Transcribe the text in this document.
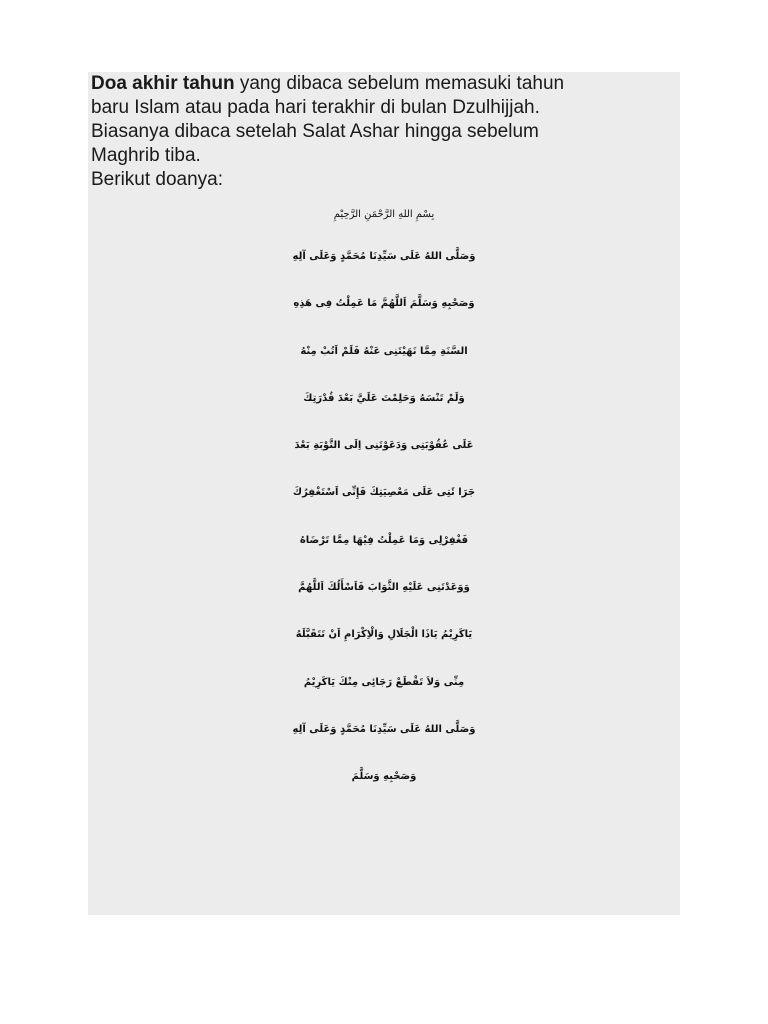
Doa akhir tahun yang dibaca sebelum memasuki tahun
baru Islam atau pada hari terakhir di bulan Dzulhijjah.
Biasanya dibaca setelah Salat Ashar hingga sebelum
Maghrib tiba.
Berikut doanya:
بِسْمِ اللهِ الرَّحْمَنِ الرَّحِيْمِ
وَصَلَّى اللهُ عَلَى سَيِّدِنَا مُحَمَّدٍ وَعَلَى آلِهِ
وَصَحْبِهِ وَسَلَّمَ اَللَّهُمَّ مَا عَمِلْتُ فِى هَذِهِ
السَّنَةِ مِمَّا نَهَيْتَنِى عَنْهُ فَلَمْ اَتُبْ مِنْهُ
وَلَمْ تَنْسَهُ وَحَلِمْتَ عَلَيَّ بَعْدَ قُدْرَتِكَ
عَلَى عُقُوْبَتِى وَدَعَوْتَنِى اِلَى التَّوْبَةِ بَعْدَ
جَرَا ئَتِى عَلَى مَعْصِيَتِكَ فَإِنِّى اَسْتَغْفِرُكَ
فَغْفِرْلِى وَمَا عَمِلْتُ فِيْهَا مِمَّا تَرْضَاهُ
وَوَعَدْتَنِى عَلَيْهِ الثَّوَابَ فَاَسْأَلُكَ اَللَّهُمَّ
يَاكَرِيْمُ يَاذَا الْجَلَالِ وَالْاِكْرَامِ اَنْ تَتَقَبَّلَهُ
مِنِّى وَلاَ تَقْطَعْ رَجَائِى مِنْكَ يَاكَرِيْمُ
وَصَلَّى اللهُ عَلَى سَيِّدِنَا مُحَمَّدٍ وَعَلَى آلِهِ
وَصَحْبِهِ وَسَلَّمَ
